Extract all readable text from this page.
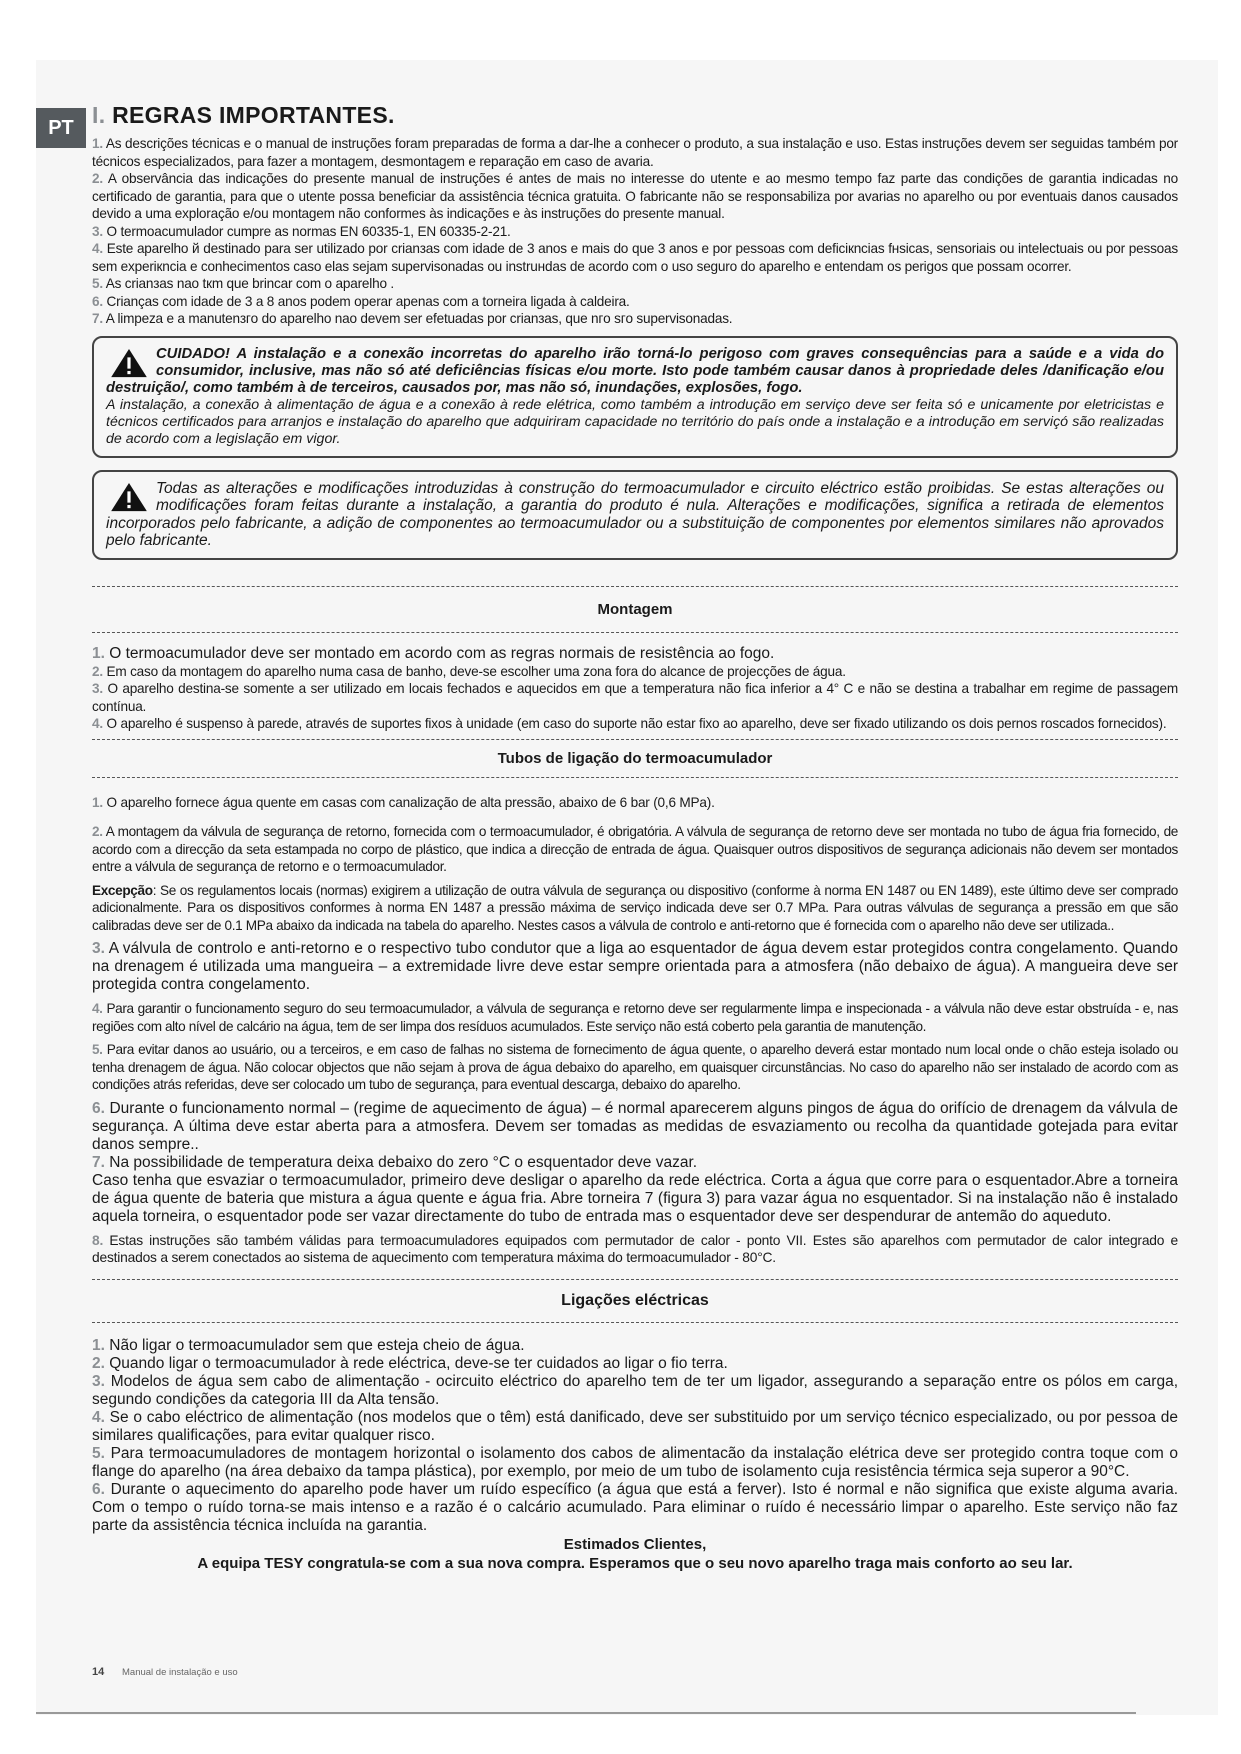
PT I. REGRAS IMPORTANTES.

1. As descrições técnicas e o manual de instruções foram preparadas de forma a dar-lhe a conhecer o produto, a sua instalação e uso. Estas instruções devem ser seguidas também por técnicos especializados, para fazer a montagem, desmontagem e reparação em caso de avaria.

2. A observância das indicações do presente manual de instruções é antes de mais no interesse do utente e ao mesmo tempo faz parte das condições de garantia indicadas no certificado de garantia, para que o utente possa beneficiar da assistência técnica gratuita. O fabricante não se responsabiliza por avarias no aparelho ou por eventuais danos causados devido a uma exploração e/ou montagem não conformes às indicações e às instruções do presente manual.

3. O termoacumulador cumpre as normas EN 60335-1, EN 60335-2-21.

4. Este aparelho й destinado para ser utilizado por crianзas com idade de 3 anos e mais do que 3 anos e por pessoas com deficiкncias fнsicas, sensoriais ou intelectuais ou por pessoas sem experiкncia e conhecimentos caso elas sejam supervisonadas ou instruнdas de acordo com o uso seguro do aparelho e entendam os perigos que possam ocorrer.

5. As crianзas nao tкm que brincar com o aparelho .

6. Crianças com idade de 3 a 8 anos podem operar apenas com a torneira ligada à caldeira.

7. A limpeza e a manutenзгo do aparelho nao devem ser efetuadas por crianзas, que nгo sгo supervisonadas.

CUIDADO! A instalação e a conexão incorretas do aparelho irão torná-lo perigoso com graves consequências para a saúde e a vida do consumidor, inclusive, mas não só até deficiências físicas e/ou morte. Isto pode também causar danos à propriedade deles /danificação e/ou destruição/, como também à de terceiros, causados por, mas não só, inundações, explosões, fogo.

A instalação, a conexão à alimentação de água e a conexão à rede elétrica, como também a introdução em serviço deve ser feita só e unicamente por eletricistas e técnicos certificados para arranjos e instalação do aparelho que adquiriram capacidade no território do país onde a instalação e a introdução em serviçó são realizadas de acordo com a legislação em vigor.

Todas as alterações e modificações introduzidas à construção do termoacumulador e circuito eléctrico estão proibidas. Se estas alterações ou modificações foram feitas durante a instalação, a garantia do produto é nula. Alterações e modificações, significa a retirada de elementos incorporados pelo fabricante, a adição de componentes ao termoacumulador ou a substituição de componentes por elementos similares não aprovados pelo fabricante.

Montagem

1. O termoacumulador deve ser montado em acordo com as regras normais de resistência ao fogo.

2. Em caso da montagem do aparelho numa casa de banho, deve-se escolher uma zona fora do alcance de projecções de água.

3. O aparelho destina-se somente a ser utilizado em locais fechados e aquecidos em que a temperatura não fica inferior a 4° C e não se destina a trabalhar em regime de passagem contínua.

4. O aparelho é suspenso à parede, através de suportes fixos à unidade (em caso do suporte não estar fixo ao aparelho, deve ser fixado utilizando os dois pernos roscados fornecidos).

Tubos de ligação do termoacumulador

1. O aparelho fornece água quente em casas com canalização de alta pressão, abaixo de 6 bar (0,6 MPa).

2. A montagem da válvula de segurança de retorno, fornecida com o termoacumulador, é obrigatória. A válvula de segurança de retorno deve ser montada no tubo de água fria fornecido, de acordo com a direcção da seta estampada no corpo de plástico, que indica a direcção de entrada de água. Quaisquer outros dispositivos de segurança adicionais não devem ser montados entre a válvula de segurança de retorno e o termoacumulador.

Excepção: Se os regulamentos locais (normas) exigirem a utilização de outra válvula de segurança ou dispositivo (conforme à norma EN 1487 ou EN 1489), este último deve ser comprado adicionalmente. Para os dispositivos conformes à norma EN 1487 a pressão máxima de serviço indicada deve ser 0.7 MPa. Para outras válvulas de segurança a pressão em que são calibradas deve ser de 0.1 MPa abaixo da indicada na tabela do aparelho. Nestes casos a válvula de controlo e anti-retorno que é fornecida com o aparelho não deve ser utilizada..

3. A válvula de controlo e anti-retorno e o respectivo tubo condutor que a liga ao esquentador de água devem estar protegidos contra congelamento. Quando na drenagem é utilizada uma mangueira – a extremidade livre deve estar sempre orientada para a atmosfera (não debaixo de água). A mangueira deve ser protegida contra congelamento.

4. Para garantir o funcionamento seguro do seu termoacumulador, a válvula de segurança e retorno deve ser regularmente limpa e inspecionada - a válvula não deve estar obstruída - e, nas regiões com alto nível de calcário na água, tem de ser limpa dos resíduos acumulados. Este serviço não está coberto pela garantia de manutenção.

5. Para evitar danos ao usuário, ou a terceiros, e em caso de falhas no sistema de fornecimento de água quente, o aparelho deverá estar montado num local onde o chão esteja isolado ou tenha drenagem de água. Não colocar objectos que não sejam à prova de água debaixo do aparelho, em quaisquer circunstâncias. No caso do aparelho não ser instalado de acordo com as condições atrás referidas, deve ser colocado um tubo de segurança, para eventual descarga, debaixo do aparelho.

6. Durante o funcionamento normal – (regime de aquecimento de água) – é normal aparecerem alguns pingos de água do orifício de drenagem da válvula de segurança. A última deve estar aberta para a atmosfera. Devem ser tomadas as medidas de esvaziamento ou recolha da quantidade gotejada para evitar danos sempre..

7. Na possibilidade de temperatura deixa debaixo do zero °C o esquentador deve vazar.

Caso tenha que esvaziar o termoacumulador, primeiro deve desligar o aparelho da rede eléctrica. Corta a água que corre para o esquentador.Abre a torneira de água quente de bateria que mistura a água quente e água fria. Abre torneira 7 (figura 3) para vazar água no esquentador. Si na instalação não ê instalado aquela torneira, o esquentador pode ser vazar directamente do tubo de entrada mas o esquentador deve ser despendurar de antemão do aqueduto.

8. Estas instruções são também válidas para termoacumuladores equipados com permutador de calor - ponto VII. Estes são aparelhos com permutador de calor integrado e destinados a serem conectados ao sistema de aquecimento com temperatura máxima do termoacumulador - 80°C.

Ligações eléctricas

1. Não ligar o termoacumulador sem que esteja cheio de água.

2. Quando ligar o termoacumulador à rede eléctrica, deve-se ter cuidados ao ligar o fio terra.

3. Modelos de água sem cabo de alimentação - ocircuito eléctrico do aparelho tem de ter um ligador, assegurando a separação entre os pólos em carga, segundo condições da categoria III da Alta tensão.

4. Se o cabo eléctrico de alimentação (nos modelos que o têm) está danificado, deve ser substituido por um serviço técnico especializado, ou por pessoa de similares qualificações, para evitar qualquer risco.

5. Para termoacumuladores de montagem horizontal o isolamento dos cabos de alimentacão da instalação elétrica deve ser protegido contra toque com o flange do aparelho (na área debaixo da tampa plástica), por exemplo, por meio de um tubo de isolamento cuja resistência térmica seja superor a 90°C.

6. Durante o aquecimento do aparelho pode haver um ruído específico (a água que está a ferver). Isto é normal e não significa que existe alguma avaria. Com o tempo o ruído torna-se mais intenso e a razão é o calcário acumulado. Para eliminar o ruído é necessário limpar o aparelho. Este serviço não faz parte da assistência técnica incluída na garantia.

Estimados Clientes,
A equipa TESY congratula-se com a sua nova compra. Esperamos que o seu novo aparelho traga mais conforto ao seu lar.
14 Manual de instalação e uso
